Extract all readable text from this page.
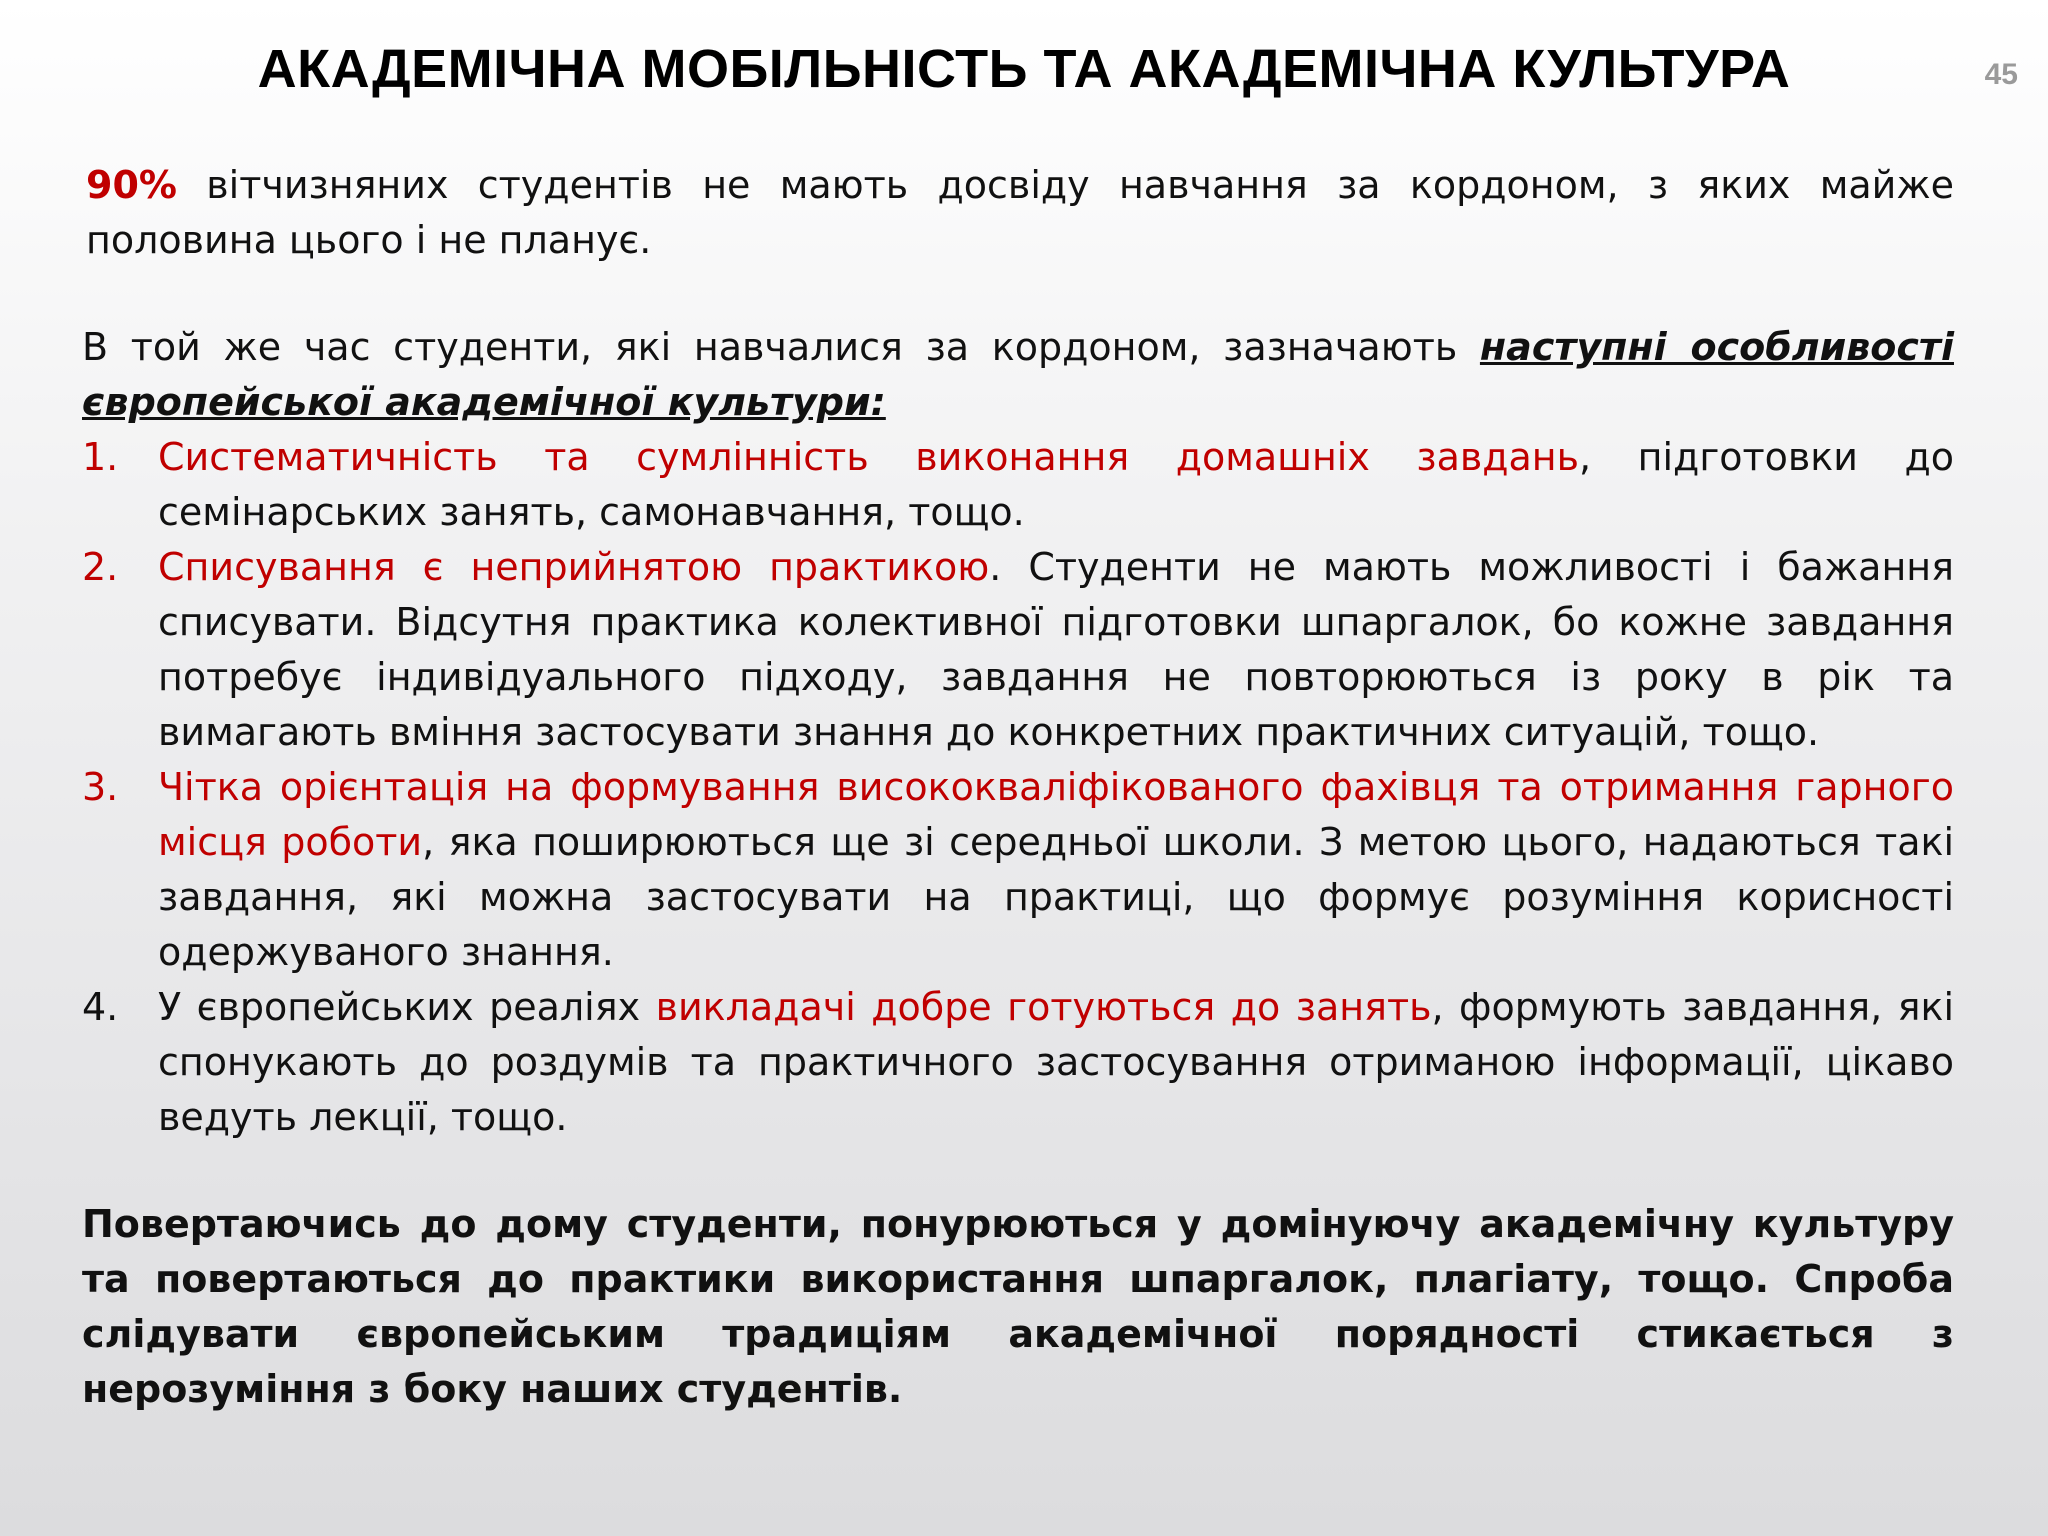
45
АКАДЕМІЧНА МОБІЛЬНІСТЬ ТА АКАДЕМІЧНА КУЛЬТУРА

90% вітчизняних студентів не мають досвіду навчання за кордоном, з яких майже половина цього і не планує.

В той же час студенти, які навчалися за кордоном, зазначають наступні особливості європейської академічної культури:

1. Систематичність та сумлінність виконання домашніх завдань, підготовки до семінарських занять, самонавчання, тощо.
2. Списування є неприйнятою практикою. Студенти не мають можливості і бажання списувати. Відсутня практика колективної підготовки шпаргалок, бо кожне завдання потребує індивідуального підходу, завдання не повторюються із року в рік та вимагають вміння застосувати знання до конкретних практичних ситуацій, тощо.
3. Чітка орієнтація на формування висококваліфікованого фахівця та отримання гарного місця роботи, яка поширюються ще зі середньої школи. З метою цього, надаються такі завдання, які можна застосувати на практиці, що формує розуміння корисності одержуваного знання.
4. У європейських реаліях викладачі добре готуються до занять, формують завдання, які спонукають до роздумів та практичного застосування отриманою інформації, цікаво ведуть лекції, тощо.

Повертаючись до дому студенти, понурюються у домінуючу академічну культуру та повертаються до практики використання шпаргалок, плагіату, тощо. Спроба слідувати європейським традиціям академічної порядності стикається з нерозуміння з боку наших студентів.
